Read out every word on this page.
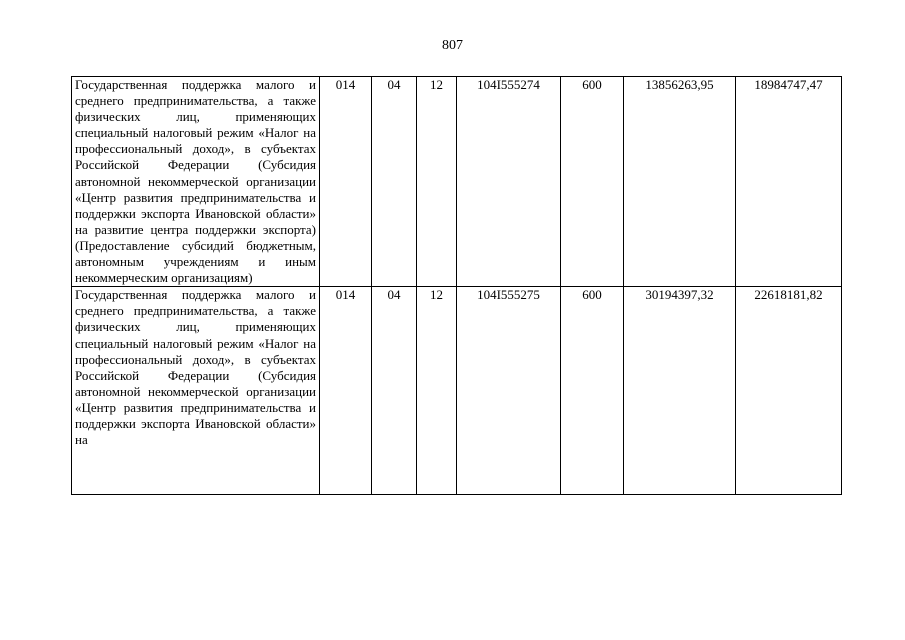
807
Государственная поддержка малого и среднего предпринимательства, а также физических лиц, применяющих специальный налоговый режим «Налог на профессиональный доход», в субъектах Российской Федерации (Субсидия автономной некоммерческой организации «Центр развития предпринимательства и поддержки экспорта Ивановской области» на развитие центра поддержки экспорта) (Предоставление субсидий бюджетным, автономным учреждениям и иным некоммерческим организациям)	014	04	12	104I555274	600	13856263,95	18984747,47

Государственная поддержка малого и среднего предпринимательства, а также физических лиц, применяющих специальный налоговый режим «Налог на профессиональный доход», в субъектах Российской Федерации (Субсидия автономной некоммерческой организации «Центр развития предпринимательства и поддержки экспорта Ивановской области» на	014	04	12	104I555275	600	30194397,32	22618181,82
